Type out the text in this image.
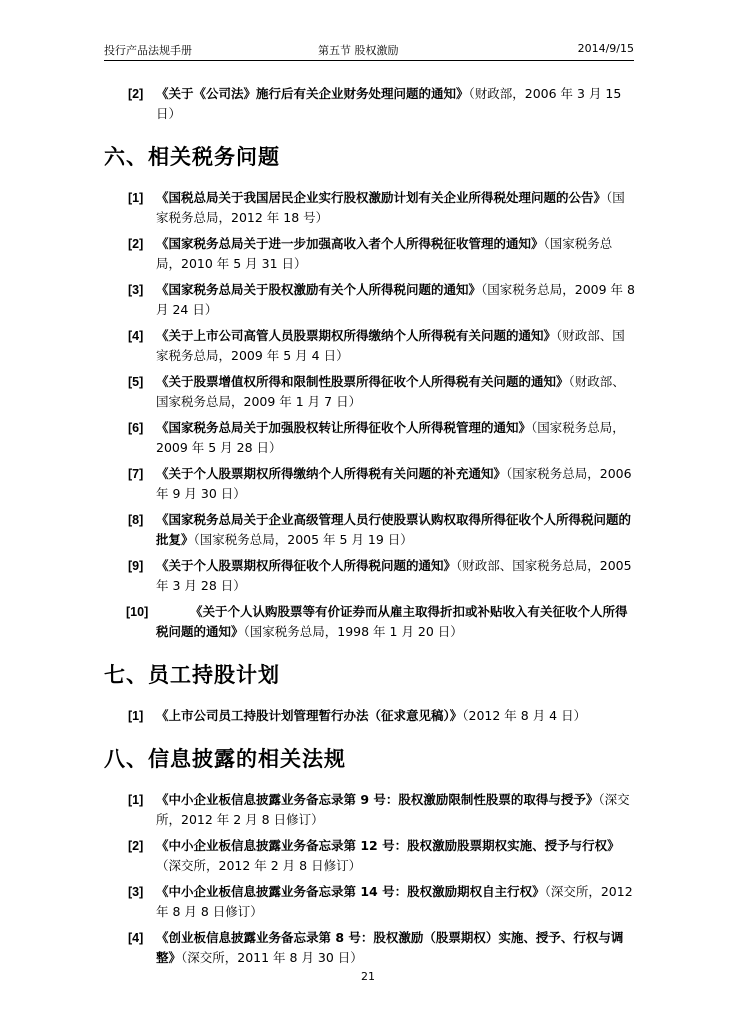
投行产品法规手册	第五节 股权激励	2014/9/15
[2] 《关于《公司法》施行后有关企业财务处理问题的通知》（财政部，2006 年 3 月 15 日）
六、相关税务问题
[1] 《国税总局关于我国居民企业实行股权激励计划有关企业所得税处理问题的公告》（国家税务总局，2012 年 18 号）
[2] 《国家税务总局关于进一步加强高收入者个人所得税征收管理的通知》（国家税务总局，2010 年 5 月 31 日）
[3] 《国家税务总局关于股权激励有关个人所得税问题的通知》（国家税务总局，2009 年 8 月 24 日）
[4] 《关于上市公司高管人员股票期权所得缴纳个人所得税有关问题的通知》（财政部、国家税务总局，2009 年 5 月 4 日）
[5] 《关于股票增值权所得和限制性股票所得征收个人所得税有关问题的通知》（财政部、国家税务总局，2009 年 1 月 7 日）
[6] 《国家税务总局关于加强股权转让所得征收个人所得税管理的通知》（国家税务总局，2009 年 5 月 28 日）
[7] 《关于个人股票期权所得缴纳个人所得税有关问题的补充通知》（国家税务总局，2006 年 9 月 30 日）
[8] 《国家税务总局关于企业高级管理人员行使股票认购权取得所得征收个人所得税问题的批复》（国家税务总局，2005 年 5 月 19 日）
[9] 《关于个人股票期权所得征收个人所得税问题的通知》（财政部、国家税务总局，2005 年 3 月 28 日）
[10]	《关于个人认购股票等有价证券而从雇主取得折扣或补贴收入有关征收个人所得税问题的通知》（国家税务总局，1998 年 1 月 20 日）
七、员工持股计划
[1] 《上市公司员工持股计划管理暂行办法（征求意见稿）》（2012 年 8 月 4 日）
八、信息披露的相关法规
[1] 《中小企业板信息披露业务备忘录第 9 号：股权激励限制性股票的取得与授予》（深交所，2012 年 2 月 8 日修订）
[2] 《中小企业板信息披露业务备忘录第 12 号：股权激励股票期权实施、授予与行权》（深交所，2012 年 2 月 8 日修订）
[3] 《中小企业板信息披露业务备忘录第 14 号：股权激励期权自主行权》（深交所，2012 年 8 月 8 日修订）
[4] 《创业板信息披露业务备忘录第 8 号：股权激励（股票期权）实施、授予、行权与调整》（深交所，2011 年 8 月 30 日）
21
